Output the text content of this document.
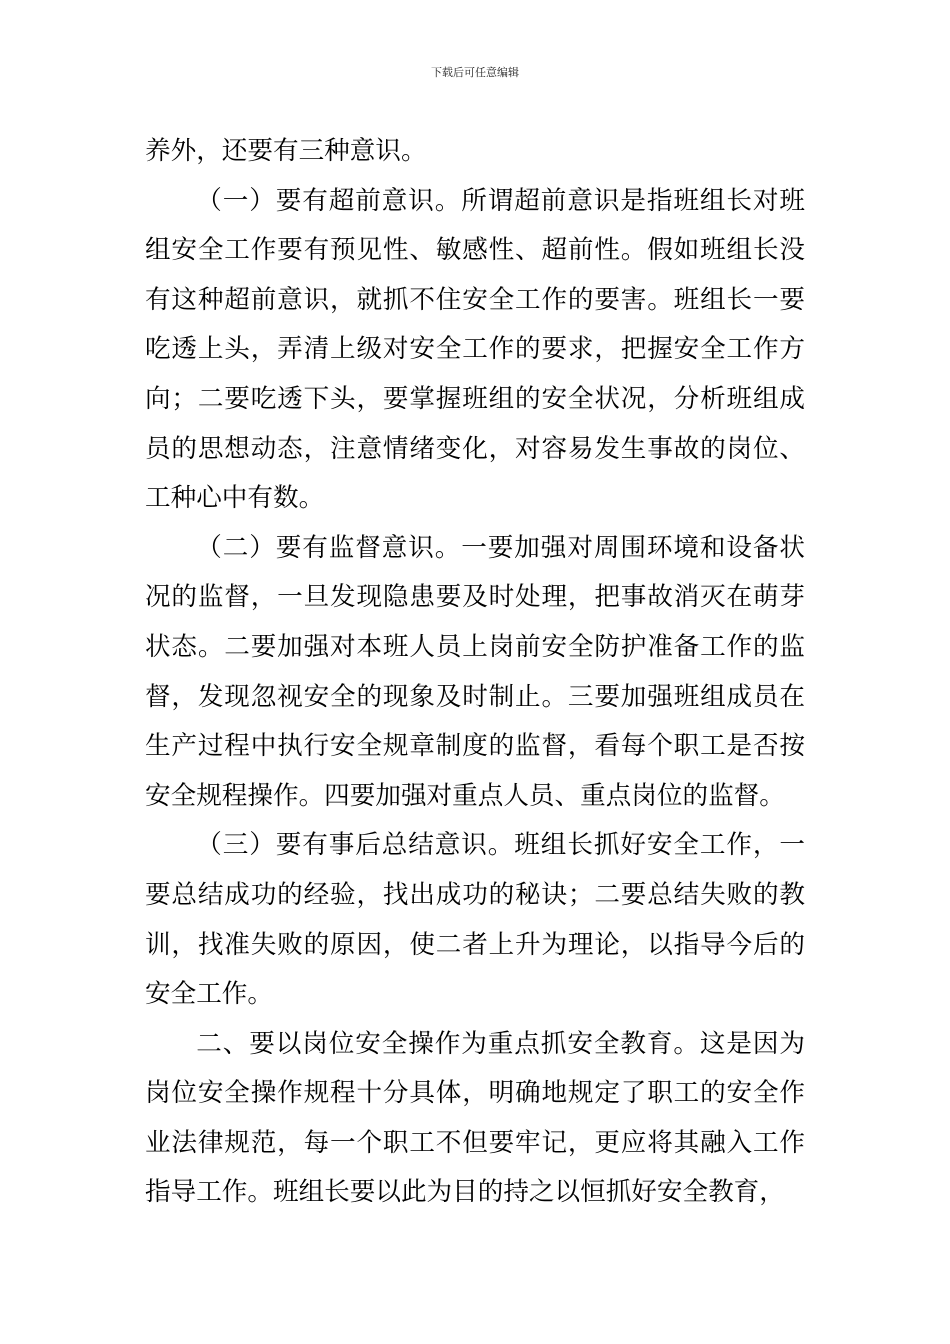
下载后可任意编辑

养外，还要有三种意识。

（一）要有超前意识。所谓超前意识是指班组长对班组安全工作要有预见性、敏感性、超前性。假如班组长没有这种超前意识，就抓不住安全工作的要害。班组长一要吃透上头，弄清上级对安全工作的要求，把握安全工作方向；二要吃透下头，要掌握班组的安全状况，分析班组成员的思想动态，注意情绪变化，对容易发生事故的岗位、工种心中有数。

（二）要有监督意识。一要加强对周围环境和设备状况的监督，一旦发现隐患要及时处理，把事故消灭在萌芽状态。二要加强对本班人员上岗前安全防护准备工作的监督，发现忽视安全的现象及时制止。三要加强班组成员在生产过程中执行安全规章制度的监督，看每个职工是否按安全规程操作。四要加强对重点人员、重点岗位的监督。

（三）要有事后总结意识。班组长抓好安全工作，一要总结成功的经验，找出成功的秘诀；二要总结失败的教训，找准失败的原因，使二者上升为理论，以指导今后的安全工作。

二、要以岗位安全操作为重点抓安全教育。这是因为岗位安全操作规程十分具体，明确地规定了职工的安全作业法律规范，每一个职工不但要牢记，更应将其融入工作指导工作。班组长要以此为目的持之以恒抓好安全教育，
